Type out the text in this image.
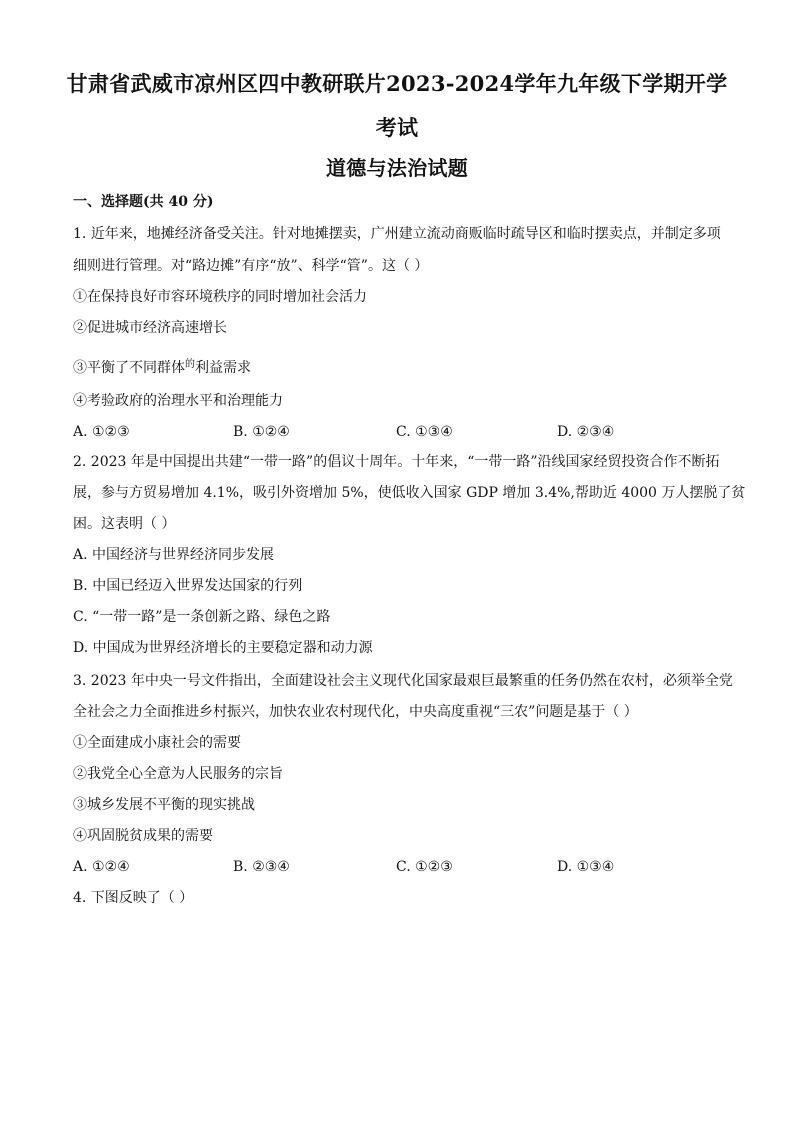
甘肃省武威市凉州区四中教研联片2023-2024学年九年级下学期开学
考试
道德与法治试题
一、选择题(共 40 分)
1. 近年来，地摊经济备受关注。针对地摊摆卖，广州建立流动商贩临时疏导区和临时摆卖点，并制定多项
细则进行管理。对“路边摊”有序“放”、科学“管”。这（ ）
①在保持良好市容环境秩序的同时增加社会活力
②促进城市经济高速增长
③平衡了不同群体$^的$利益需求
④考验政府的治理水平和治理能力
A. ①②③	B. ①②④	C. ①③④	D. ②③④
2. 2023 年是中国提出共建“一带一路”的倡议十周年。十年来，“一带一路”沿线国家经贸投资合作不断拓
展，参与方贸易增加 4.1%，吸引外资增加 5%，使低收入国家 GDP 增加 3.4%,帮助近 4000 万人摆脱了贫
困。这表明（ ）
A. 中国经济与世界经济同步发展
B. 中国已经迈入世界发达国家的行列
C. “一带一路”是一条创新之路、绿色之路
D. 中国成为世界经济增长的主要稳定器和动力源
3. 2023 年中央一号文件指出，全面建设社会主义现代化国家最艰巨最繁重的任务仍然在农村，必须举全党
全社会之力全面推进乡村振兴，加快农业农村现代化，中央高度重视“三农”问题是基于（ ）
①全面建成小康社会的需要
②我党全心全意为人民服务的宗旨
③城乡发展不平衡的现实挑战
④巩固脱贫成果的需要
A. ①②④	B. ②③④	C. ①②③	D. ①③④
4. 下图反映了（ ）
